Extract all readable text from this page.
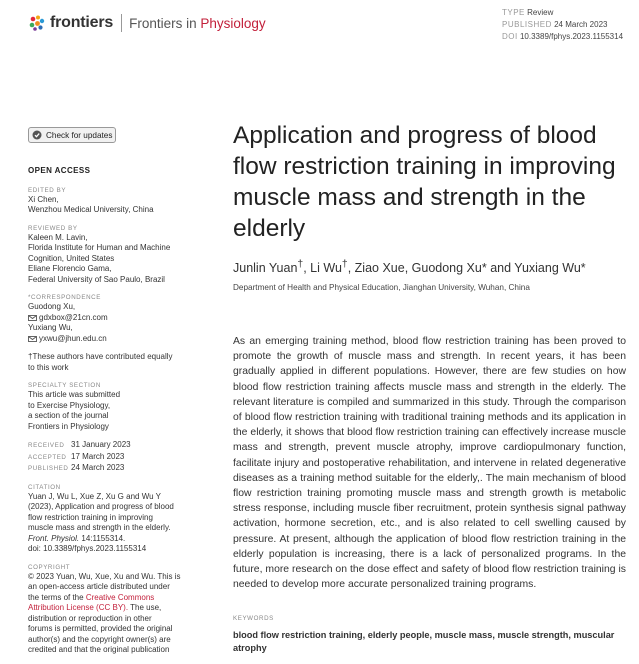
frontiers Frontiers in Physiology
TYPE Review
PUBLISHED 24 March 2023
DOI 10.3389/fphys.2023.1155314
Check for updates
OPEN ACCESS
EDITED BY
Xi Chen,
Wenzhou Medical University, China
REVIEWED BY
Kaleen M. Lavin,
Florida Institute for Human and Machine
Cognition, United States
Eliane Florencio Gama,
Federal University of Sao Paulo, Brazil
*CORRESPONDENCE
Guodong Xu,
gdxbox@21cn.com
Yuxiang Wu,
yxwu@jhun.edu.cn
†These authors have contributed equally
to this work
SPECIALTY SECTION
This article was submitted
to Exercise Physiology,
a section of the journal
Frontiers in Physiology
RECEIVED 31 January 2023
ACCEPTED 17 March 2023
PUBLISHED 24 March 2023
CITATION
Yuan J, Wu L, Xue Z, Xu G and Wu Y
(2023), Application and progress of blood
flow restriction training in improving
muscle mass and strength in the elderly.
Front. Physiol. 14:1155314.
doi: 10.3389/fphys.2023.1155314
COPYRIGHT
© 2023 Yuan, Wu, Xue, Xu and Wu. This is
an open-access article distributed under
the terms of the Creative Commons
Attribution License (CC BY). The use,
distribution or reproduction in other
forums is permitted, provided the original
author(s) and the copyright owner(s) are
credited and that the original publication
Application and progress of blood flow restriction training in improving muscle mass and strength in the elderly
Junlin Yuan†, Li Wu†, Ziao Xue, Guodong Xu* and Yuxiang Wu*
Department of Health and Physical Education, Jianghan University, Wuhan, China

As an emerging training method, blood flow restriction training has been proved to promote the growth of muscle mass and strength. In recent years, it has been gradually applied in different populations. However, there are few studies on how blood flow restriction training affects muscle mass and strength in the elderly. The relevant literature is compiled and summarized in this study. Through the comparison of blood flow restriction training with traditional training methods and its application in the elderly, it shows that blood flow restriction training can effectively increase muscle mass and strength, prevent muscle atrophy, improve cardiopulmonary function, facilitate injury and postoperative rehabilitation, and intervene in related degenerative diseases as a training method suitable for the elderly,. The main mechanism of blood flow restriction training promoting muscle mass and strength growth is metabolic stress response, including muscle fiber recruitment, protein synthesis signal pathway activation, hormone secretion, etc., and is also related to cell swelling caused by pressure. At present, although the application of blood flow restriction training in the elderly population is increasing, there is a lack of personalized programs. In the future, more research on the dose effect and safety of blood flow restriction training is needed to develop more accurate personalized training programs.

KEYWORDS
blood flow restriction training, elderly people, muscle mass, muscle strength, muscular atrophy
